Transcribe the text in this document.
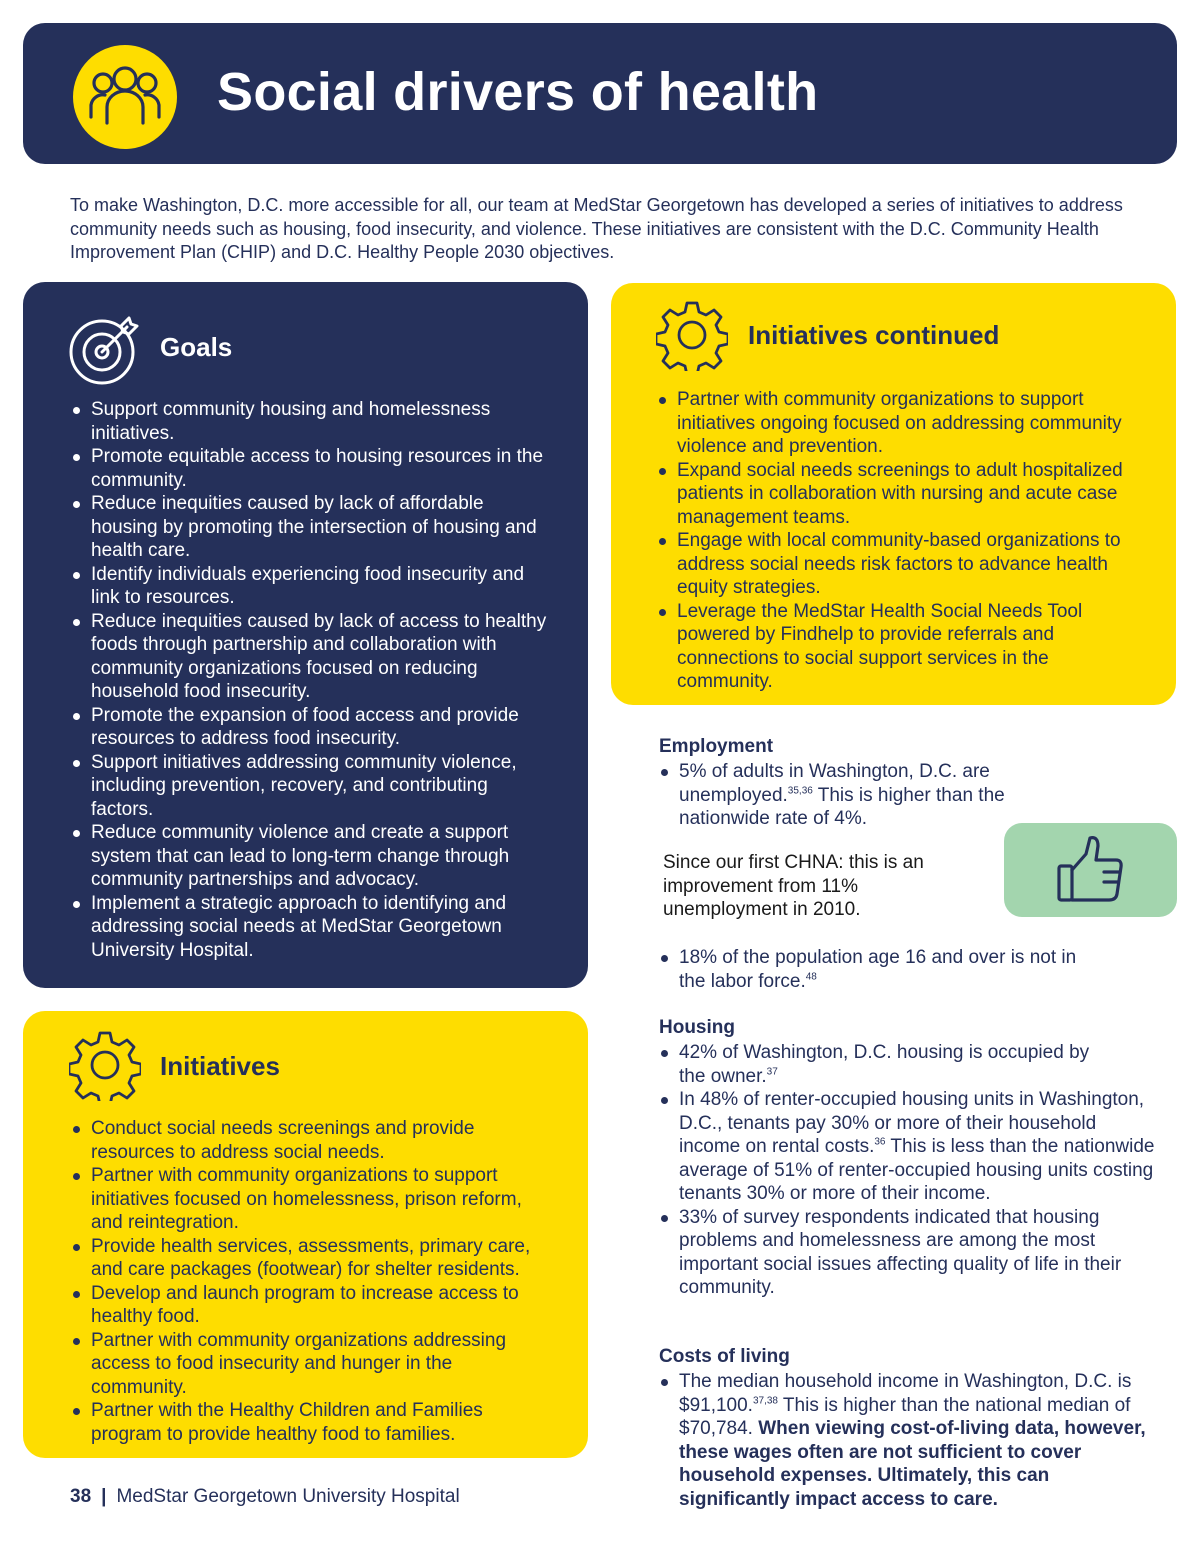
Social drivers of health

To make Washington, D.C. more accessible for all, our team at MedStar Georgetown has developed a series of initiatives to address community needs such as housing, food insecurity, and violence. These initiatives are consistent with the D.C. Community Health Improvement Plan (CHIP) and D.C. Healthy People 2030 objectives.

Goals
Support community housing and homelessness initiatives.
Promote equitable access to housing resources in the community.
Reduce inequities caused by lack of affordable housing by promoting the intersection of housing and health care.
Identify individuals experiencing food insecurity and link to resources.
Reduce inequities caused by lack of access to healthy foods through partnership and collaboration with community organizations focused on reducing household food insecurity.
Promote the expansion of food access and provide resources to address food insecurity.
Support initiatives addressing community violence, including prevention, recovery, and contributing factors.
Reduce community violence and create a support system that can lead to long-term change through community partnerships and advocacy.
Implement a strategic approach to identifying and addressing social needs at MedStar Georgetown University Hospital.
Initiatives
Conduct social needs screenings and provide resources to address social needs.
Partner with community organizations to support initiatives focused on homelessness, prison reform, and reintegration.
Provide health services, assessments, primary care, and care packages (footwear) for shelter residents.
Develop and launch program to increase access to healthy food.
Partner with community organizations addressing access to food insecurity and hunger in the community.
Partner with the Healthy Children and Families program to provide healthy food to families.
Initiatives continued
Partner with community organizations to support initiatives ongoing focused on addressing community violence and prevention.
Expand social needs screenings to adult hospitalized patients in collaboration with nursing and acute case management teams.
Engage with local community-based organizations to address social needs risk factors to advance health equity strategies.
Leverage the MedStar Health Social Needs Tool powered by Findhelp to provide referrals and connections to social support services in the community.
Employment
5% of adults in Washington, D.C. are unemployed.$^{35,36}$ This is higher than the nationwide rate of 4%.

Since our first CHNA: this is an improvement from 11% unemployment in 2010.

18% of the population age 16 and over is not in the labor force.$^{48}$
Housing
42% of Washington, D.C. housing is occupied by the owner.$^{37}$
In 48% of renter-occupied housing units in Washington, D.C., tenants pay 30% or more of their household income on rental costs.$^{36}$ This is less than the nationwide average of 51% of renter-occupied housing units costing tenants 30% or more of their income.
33% of survey respondents indicated that housing problems and homelessness are among the most important social issues affecting quality of life in their community.
Costs of living
The median household income in Washington, D.C. is $91,100.$^{37,38}$ This is higher than the national median of $70,784. When viewing cost-of-living data, however, these wages often are not sufficient to cover household expenses. Ultimately, this can significantly impact access to care.
38 | MedStar Georgetown University Hospital
